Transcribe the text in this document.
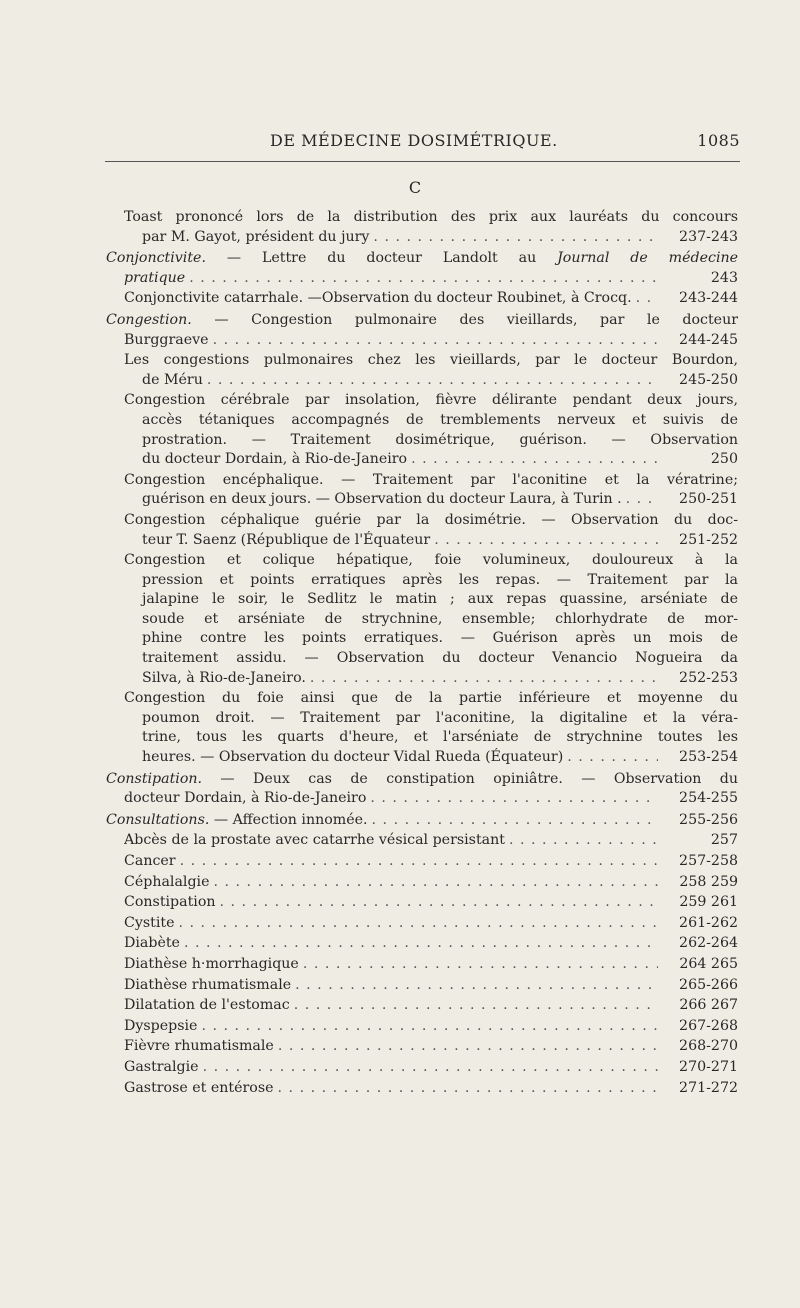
DE MÉDECINE DOSIMÉTRIQUE.	1085
C
Toast prononcé lors de la distribution des prix aux lauréats du concours
par M. Gayot, président du jury . . .	237-243
Conjonctivite. — Lettre du docteur Landolt au Journal de médecine
pratique . . .	243
Conjonctivite catarrhale. —Observation du docteur Roubinet, à Crocq. . . .	243-244
Congestion. — Congestion pulmonaire des vieillards, par le docteur
Burggraeve . . .	244-245
Les congestions pulmonaires chez les vieillards, par le docteur Bourdon,
de Méru . . .	245-250
Congestion cérébrale par insolation, fièvre délirante pendant deux jours,
accès tétaniques accompagnés de tremblements nerveux et suivis de
prostration. — Traitement dosimétrique, guérison. — Observation
du docteur Dordain, à Rio-de-Janeiro . . .	250
Congestion encéphalique. — Traitement par l'aconitine et la vératrine;
guérison en deux jours. — Observation du docteur Laura, à Turin . . . .	250-251
Congestion céphalique guérie par la dosimétrie. — Observation du doc-
teur T. Saenz (République de l'Équateur . . .	251-252
Congestion et colique hépatique, foie volumineux, douloureux à la
pression et points erratiques après les repas. — Traitement par la
jalapine le soir, le Sedlitz le matin ; aux repas quassine, arséniate de
soude et arséniate de strychnine, ensemble; chlorhydrate de mor-
phine contre les points erratiques. — Guérison après un mois de
traitement assidu. — Observation du docteur Venancio Nogueira da
Silva, à Rio-de-Janeiro. . . .	252-253
Congestion du foie ainsi que de la partie inférieure et moyenne du
poumon droit. — Traitement par l'aconitine, la digitaline et la véra-
trine, tous les quarts d'heure, et l'arséniate de strychnine toutes les
heures. — Observation du docteur Vidal Rueda (Équateur) . . .	253-254
Constipation. — Deux cas de constipation opiniâtre. — Observation du
docteur Dordain, à Rio-de-Janeiro . . .	254-255
Consultations. — Affection innomée. . . .	255-256
Abcès de la prostate avec catarrhe vésical persistant . . .	257
Cancer . . .	257-258
Céphalalgie . . .	258 259
Constipation . . .	259 261
Cystite . . .	261-262
Diabète . . .	262-264
Diathèse h·morrhagique . . .	264 265
Diathèse rhumatismale . . .	265-266
Dilatation de l'estomac . . .	266 267
Dyspepsie . . .	267-268
Fièvre rhumatismale . . .	268-270
Gastralgie . . .	270-271
Gastrose et entérose . . .	271-272
